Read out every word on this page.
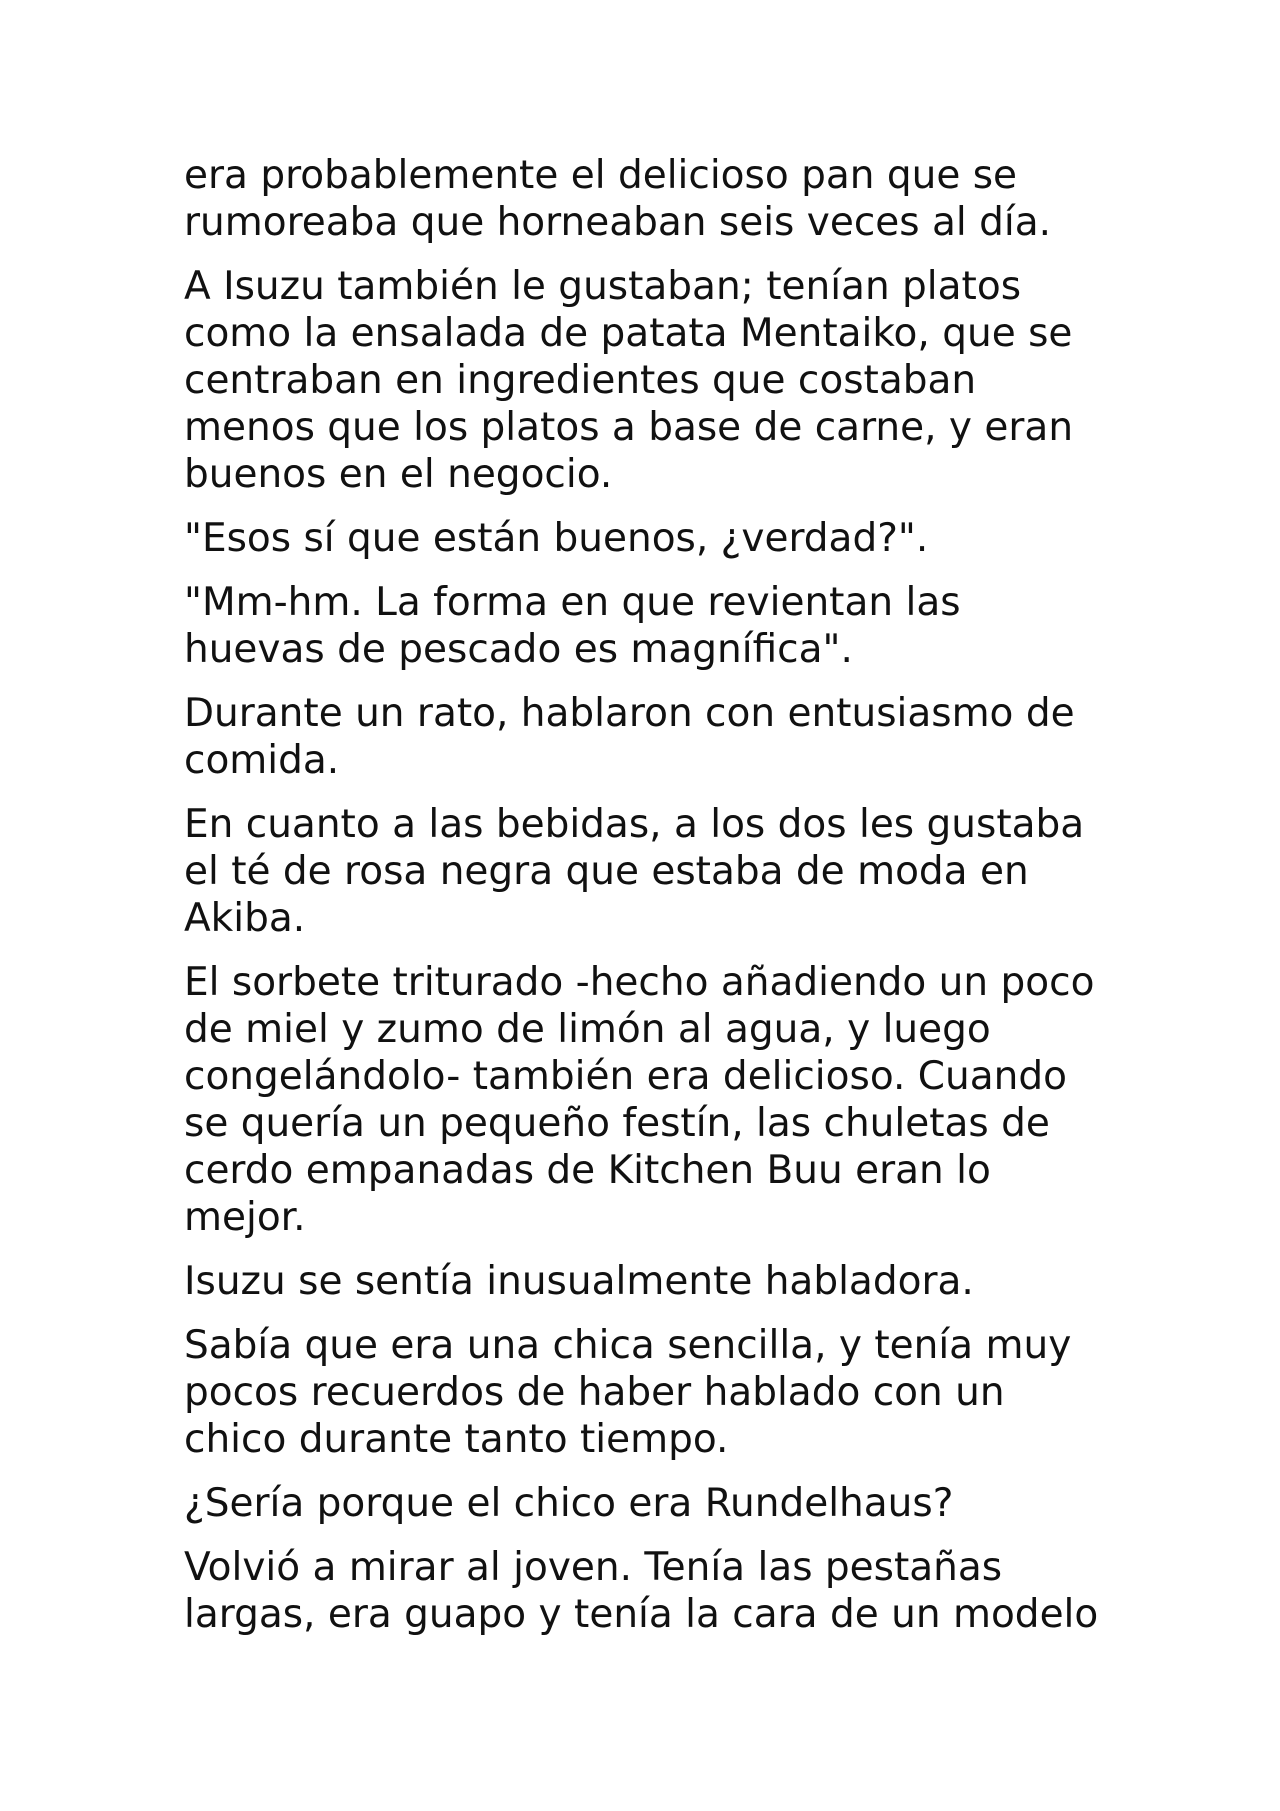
era probablemente el delicioso pan que se
rumoreaba que horneaban seis veces al día.

A Isuzu también le gustaban; tenían platos
como la ensalada de patata Mentaiko, que se
centraban en ingredientes que costaban
menos que los platos a base de carne, y eran
buenos en el negocio.

"Esos sí que están buenos, ¿verdad?".

"Mm-hm. La forma en que revientan las
huevas de pescado es magnífica".

Durante un rato, hablaron con entusiasmo de
comida.

En cuanto a las bebidas, a los dos les gustaba
el té de rosa negra que estaba de moda en
Akiba.

El sorbete triturado -hecho añadiendo un poco
de miel y zumo de limón al agua, y luego
congelándolo- también era delicioso. Cuando
se quería un pequeño festín, las chuletas de
cerdo empanadas de Kitchen Buu eran lo
mejor.

Isuzu se sentía inusualmente habladora.

Sabía que era una chica sencilla, y tenía muy
pocos recuerdos de haber hablado con un
chico durante tanto tiempo.

¿Sería porque el chico era Rundelhaus?

Volvió a mirar al joven. Tenía las pestañas
largas, era guapo y tenía la cara de un modelo
